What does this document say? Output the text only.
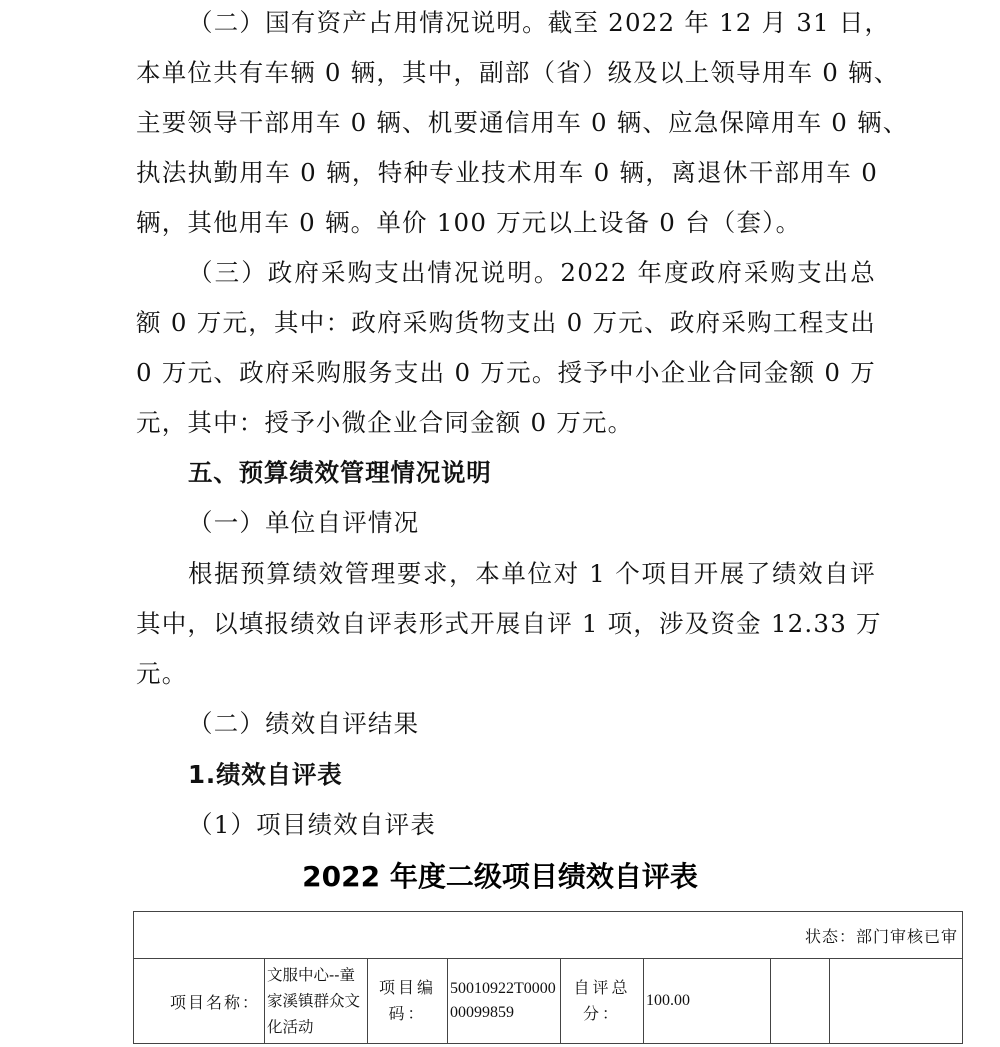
（二）国有资产占用情况说明。截至 2022 年 12 月 31 日，
本单位共有车辆 0 辆，其中，副部（省）级及以上领导用车 0 辆、
主要领导干部用车 0 辆、机要通信用车 0 辆、应急保障用车 0 辆、
执法执勤用车 0 辆，特种专业技术用车 0 辆，离退休干部用车 0
辆，其他用车 0 辆。单价 100 万元以上设备 0 台（套）。
（三）政府采购支出情况说明。2022 年度政府采购支出总
额 0 万元，其中：政府采购货物支出 0 万元、政府采购工程支出
0 万元、政府采购服务支出 0 万元。授予中小企业合同金额 0 万
元，其中：授予小微企业合同金额 0 万元。
五、预算绩效管理情况说明
（一）单位自评情况
根据预算绩效管理要求，本单位对 1 个项目开展了绩效自评
其中，以填报绩效自评表形式开展自评 1 项，涉及资金 12.33 万
元。
（二）绩效自评结果
1.绩效自评表
（1）项目绩效自评表
2022 年度二级项目绩效自评表
状态：部门审核已审
项目名称：	文服中心--童家溪镇群众文化活动	项目编码：	50010922T000000099859	自评总分：	100.00		
